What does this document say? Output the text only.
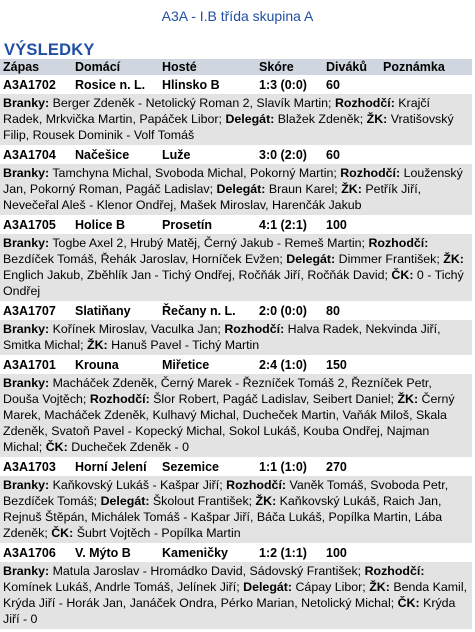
A3A - I.B třída skupina A
VÝSLEDKY
Zápas	Domácí	Hosté	Skóre	Diváků	Poznámka
A3A1702	Rosice n. L.	Hlinsko B	1:3 (0:0)	60	
Branky: Berger Zdeněk - Netolický Roman 2, Slavík Martin; Rozhodčí: Krajčí Radek, Mrkvička Martin, Papáček Libor; Delegát: Blažek Zdeněk; ŽK: Vratišovský Filip, Rousek Dominik - Volf Tomáš					
A3A1704	Načešice	Luže	3:0 (2:0)	60	
Branky: Tamchyna Michal, Svoboda Michal, Pokorný Martin; Rozhodčí: Louženský Jan, Pokorný Roman, Pagáč Ladislav; Delegát: Braun Karel; ŽK: Petřík Jiří, Nevečeřal Aleš - Klenor Ondřej, Mašek Miroslav, Harenčák Jakub					
A3A1705	Holice B	Prosetín	4:1 (2:1)	100	
Branky: Togbe Axel 2, Hrubý Matěj, Černý Jakub - Remeš Martin; Rozhodčí: Bezdíček Tomáš, Řehák Jaroslav, Horníček Evžen; Delegát: Dimmer František; ŽK: Englich Jakub, Zběhlík Jan - Tichý Ondřej, Ročňák Jiří, Ročňák David; ČK: 0 - Tichý Ondřej					
A3A1707	Slatiňany	Řečany n. L.	2:0 (0:0)	80	
Branky: Kořínek Miroslav, Vaculka Jan; Rozhodčí: Halva Radek, Nekvinda Jiří, Smitka Michal; ŽK: Hanuš Pavel - Tichý Martin					
A3A1701	Krouna	Miřetice	2:4 (1:0)	150	
Branky: Macháček Zdeněk, Černý Marek - Řezníček Tomáš 2, Řezníček Petr, Douša Vojtěch; Rozhodčí: Šlor Robert, Pagáč Ladislav, Seibert Daniel; ŽK: Černý Marek, Macháček Zdeněk, Kulhavý Michal, Ducheček Martin, Vaňák Miloš, Skala Zdeněk, Svatoň Pavel - Kopecký Michal, Sokol Lukáš, Kouba Ondřej, Najman Michal; ČK: Ducheček Zdeněk - 0					
A3A1703	Horní Jelení	Sezemice	1:1 (1:0)	270	
Branky: Kaňkovský Lukáš - Kašpar Jiří; Rozhodčí: Vaněk Tomáš, Svoboda Petr, Bezdíček Tomáš; Delegát: Školout František; ŽK: Kaňkovský Lukáš, Raich Jan, Rejnuš Štěpán, Michálek Tomáš - Kašpar Jiří, Báča Lukáš, Popílka Martin, Lába Zdeněk; ČK: Šubrt Vojtěch - Popílka Martin					
A3A1706	V. Mýto B	Kameničky	1:2 (1:1)	100	
Branky: Matula Jaroslav - Hromádko David, Sádovský František; Rozhodčí: Komínek Lukáš, Andrle Tomáš, Jelínek Jiří; Delegát: Cápay Libor; ŽK: Benda Kamil, Krýda Jiří - Horák Jan, Janáček Ondra, Pérko Marian, Netolický Michal; ČK: Krýda Jiří - 0					
